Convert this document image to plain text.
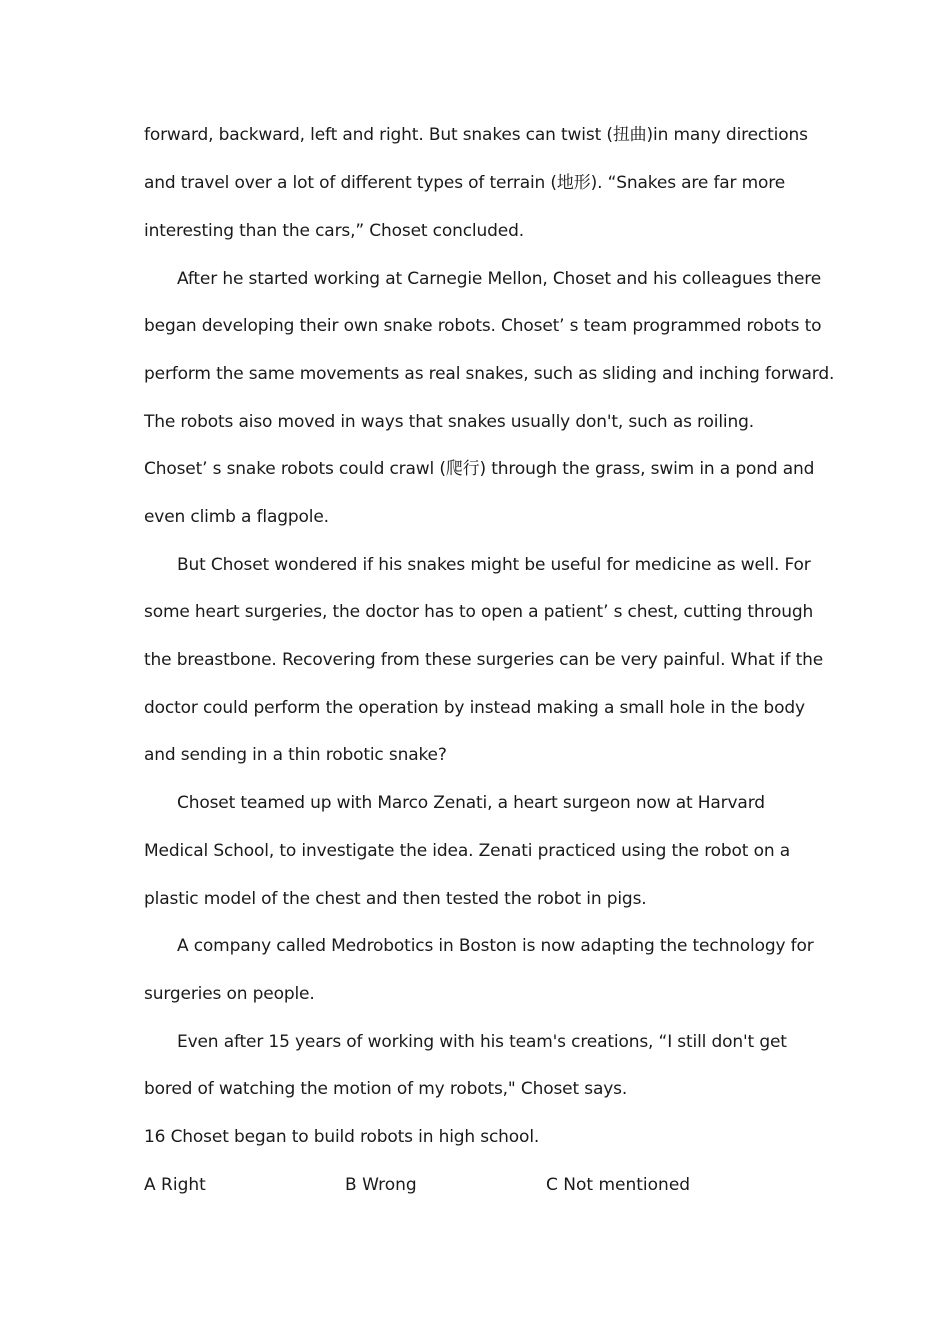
forward, backward, left and right. But snakes can twist (扭曲)in many directions
and travel over a lot of different types of terrain (地形). “Snakes are far more
interesting than the cars,” Choset concluded.
After he started working at Carnegie Mellon, Choset and his colleagues there
began developing their own snake robots. Choset’ s team programmed robots to
perform the same movements as real snakes, such as sliding and inching forward.
The robots aiso moved in ways that snakes usually don't, such as roiling.
Choset’ s snake robots could crawl (爬行) through the grass, swim in a pond and
even climb a flagpole.
But Choset wondered if his snakes might be useful for medicine as well. For
some heart surgeries, the doctor has to open a patient’ s chest, cutting through
the breastbone. Recovering from these surgeries can be very painful. What if the
doctor could perform the operation by instead making a small hole in the body
and sending in a thin robotic snake?
Choset teamed up with Marco Zenati, a heart surgeon now at Harvard
Medical School, to investigate the idea. Zenati practiced using the robot on a
plastic model of the chest and then tested the robot in pigs.
A company called Medrobotics in Boston is now adapting the technology for
surgeries on people.
Even after 15 years of working with his team's creations, “I still don't get
bored of watching the motion of my robots," Choset says.
16 Choset began to build robots in high school.
A Right	B Wrong	C Not mentioned
